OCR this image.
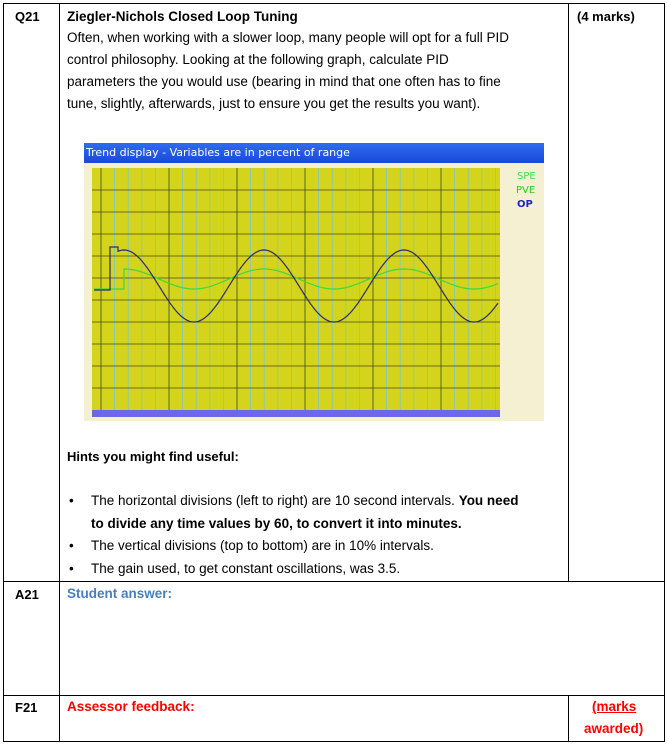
Q21	(4 marks)
Ziegler-Nichols Closed Loop Tuning

Often, when working with a slower loop, many people will opt for a full PID

control philosophy. Looking at the following graph, calculate PID

parameters the you would use (bearing in mind that one often has to fine

tune, slightly, afterwards, just to ensure you get the results you want).

Trend display - Variables are in percent of range
SPE
PVE
OP
Hints you might find useful:
• The horizontal divisions (left to right) are 10 second intervals. You need
to divide any time values by 60, to convert it into minutes.
• The vertical divisions (top to bottom) are in 10% intervals.
• The gain used, to get constant oscillations, was 3.5.
A21 Student answer:
F21 Assessor feedback:	(marks
awarded)
